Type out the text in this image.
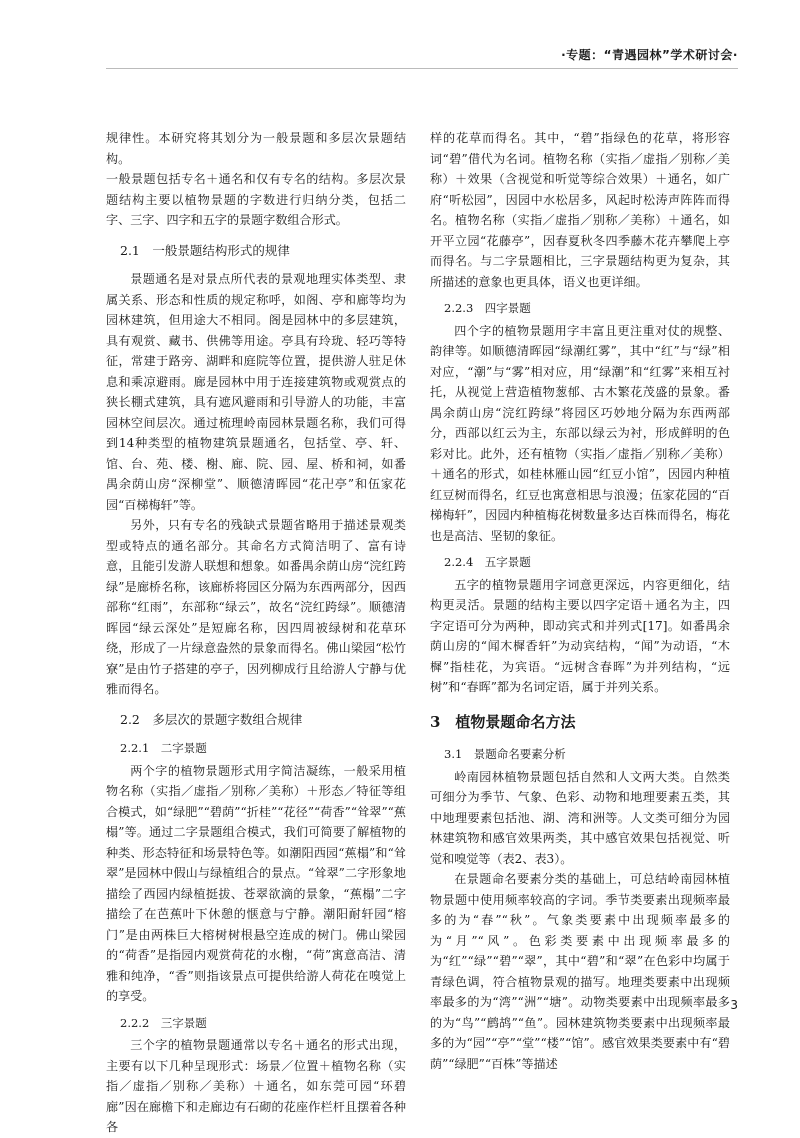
·专题：“青遇园林”学术研讨会·

规律性。本研究将其划分为一般景题和多层次景题结构。

一般景题包括专名＋通名和仅有专名的结构。多层次景题结构主要以植物景题的字数进行归纳分类，包括二字、三字、四字和五字的景题字数组合形式。

2.1　一般景题结构形式的规律

景题通名是对景点所代表的景观地理实体类型、隶属关系、形态和性质的规定称呼，如阁、亭和廊等均为园林建筑，但用途大不相同。阁是园林中的多层建筑，具有观赏、藏书、供佛等用途。亭具有玲珑、轻巧等特征，常建于路旁、湖畔和庭院等位置，提供游人驻足休息和乘凉避雨。廊是园林中用于连接建筑物或观赏点的狭长棚式建筑，具有遮风避雨和引导游人的功能，丰富园林空间层次。通过梳理岭南园林景题名称，我们可得到14种类型的植物建筑景题通名，包括堂、亭、轩、馆、台、苑、楼、榭、廊、院、园、屋、桥和祠，如番禺余荫山房“深柳堂”、顺德清晖园“花卍亭”和伍家花园“百梯梅轩”等。

另外，只有专名的残缺式景题省略用于描述景观类型或特点的通名部分。其命名方式简洁明了、富有诗意，且能引发游人联想和想象。如番禺余荫山房“浣红跨绿”是廊桥名称，该廊桥将园区分隔为东西两部分，因西部称“红雨”，东部称“绿云”，故名“浣红跨绿”。顺德清晖园“绿云深处”是短廊名称，因四周被绿树和花草环绕，形成了一片绿意盎然的景象而得名。佛山梁园“松竹寮”是由竹子搭建的亭子，因列柳成行且给游人宁静与优雅而得名。

2.2　多层次的景题字数组合规律
2.2.1　二字景题

两个字的植物景题形式用字简洁凝练，一般采用植物名称（实指／虚指／别称／美称）＋形态／特征等组合模式，如“绿肥”“碧荫”“折桂”“花径”“荷香”“耸翠”“蕉榻”等。通过二字景题组合模式，我们可简要了解植物的种类、形态特征和场景特色等。如潮阳西园“蕉榻”和“耸翠”是园林中假山与绿植组合的景点。“耸翠”二字形象地描绘了西园内绿植挺拔、苍翠欲滴的景象，“蕉榻”二字描绘了在芭蕉叶下休憩的惬意与宁静。潮阳耐轩园“榕门”是由两株巨大榕树树根悬空连成的树门。佛山梁园的“荷香”是指园内观赏荷花的水榭，“荷”寓意高洁、清雅和纯净，“香”则指该景点可提供给游人荷花在嗅觉上的享受。

2.2.2　三字景题

三个字的植物景题通常以专名＋通名的形式出现，主要有以下几种呈现形式：场景／位置＋植物名称（实指／虚指／别称／美称）＋通名，如东莞可园“环碧廊”因在廊檐下和走廊边有石砌的花座作栏杆且摆着各种各

样的花草而得名。其中，“碧”指绿色的花草，将形容词“碧”借代为名词。植物名称（实指／虚指／别称／美称）＋效果（含视觉和听觉等综合效果）＋通名，如广府“听松园”，因园中水松居多，风起时松涛声阵阵而得名。植物名称（实指／虚指／别称／美称）＋通名，如开平立园“花藤亭”，因春夏秋冬四季藤木花卉攀爬上亭而得名。与二字景题相比，三字景题结构更为复杂，其所描述的意象也更具体，语义也更详细。

2.2.3　四字景题

四个字的植物景题用字丰富且更注重对仗的规整、韵律等。如顺德清晖园“绿潮红雾”，其中“红”与“绿”相对应，“潮”与“雾”相对应，用“绿潮”和“红雾”来相互衬托，从视觉上营造植物葱郁、古木繁花茂盛的景象。番禺余荫山房“浣红跨绿”将园区巧妙地分隔为东西两部分，西部以红云为主，东部以绿云为衬，形成鲜明的色彩对比。此外，还有植物（实指／虚指／别称／美称）＋通名的形式，如桂林雁山园“红豆小馆”，因园内种植红豆树而得名，红豆也寓意相思与浪漫；伍家花园的“百梯梅轩”，因园内种植梅花树数量多达百株而得名，梅花也是高洁、坚韧的象征。

2.2.4　五字景题

五字的植物景题用字词意更深远，内容更细化，结构更灵活。景题的结构主要以四字定语＋通名为主，四字定语可分为两种，即动宾式和并列式[17]。如番禺余荫山房的“闻木樨香轩”为动宾结构，“闻”为动语，“木樨”指桂花，为宾语。“远树含春晖”为并列结构，“远树”和“春晖”都为名词定语，属于并列关系。

3　植物景题命名方法
3.1　景题命名要素分析

岭南园林植物景题包括自然和人文两大类。自然类可细分为季节、气象、色彩、动物和地理要素五类，其中地理要素包括池、湖、湾和洲等。人文类可细分为园林建筑物和感官效果两类，其中感官效果包括视觉、听觉和嗅觉等（表2、表3）。

在景题命名要素分类的基础上，可总结岭南园林植物景题中使用频率较高的字词。季节类要素出现频率最多的为“春”“秋”。气象类要素中出现频率最多的为“月”“风”。色彩类要素中出现频率最多的为“红”“绿”“碧”“翠”，其中“碧”和“翠”在色彩中均属于青绿色调，符合植物景观的描写。地理类要素中出现频率最多的为“湾”“洲”“塘”。动物类要素中出现频率最多的为“鸟”“鹧鸪”“鱼”。园林建筑物类要素中出现频率最多的为“园”“亭”“堂”“楼”“馆”。感官效果类要素中有“碧荫”“绿肥”“百株”等描述

3
